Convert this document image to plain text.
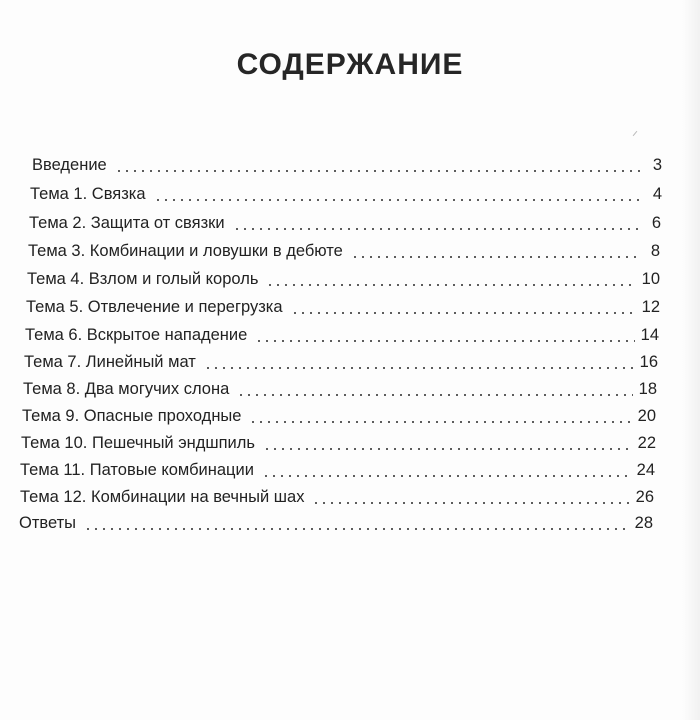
СОДЕРЖАНИЕ
Введение	3
Тема 1. Связка	4
Тема 2. Защита от связки	6
Тема 3. Комбинации и ловушки в дебюте	8
Тема 4. Взлом и голый король	10
Тема 5. Отвлечение и перегрузка	12
Тема 6. Вскрытое нападение	14
Тема 7. Линейный мат	16
Тема 8. Два могучих слона	18
Тема 9. Опасные проходные	20
Тема 10. Пешечный эндшпиль	22
Тема 11. Патовые комбинации	24
Тема 12. Комбинации на вечный шах	26
Ответы	28
